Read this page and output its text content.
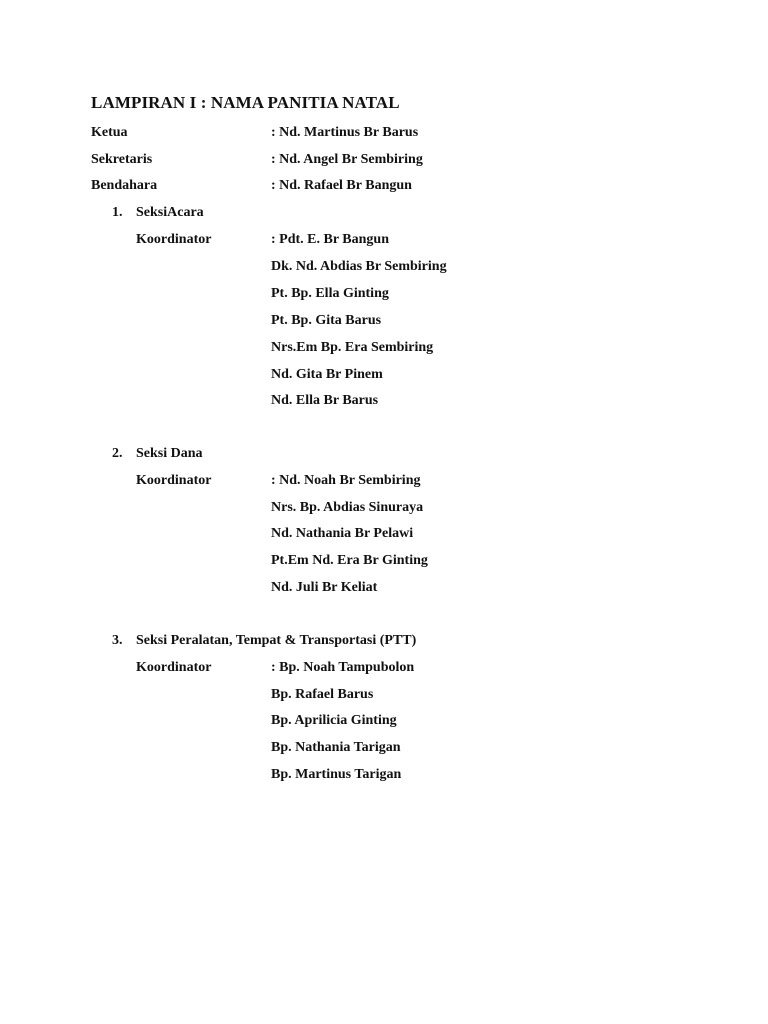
LAMPIRAN I : NAMA PANITIA NATAL
Ketua	: Nd. Martinus Br Barus
Sekretaris	: Nd. Angel Br Sembiring
Bendahara	: Nd. Rafael Br Bangun
1. SeksiAcara
Koordinator	: Pdt. E. Br Bangun
Dk. Nd. Abdias Br Sembiring
Pt. Bp. Ella Ginting
Pt. Bp. Gita Barus
Nrs.Em Bp. Era Sembiring
Nd. Gita Br Pinem
Nd. Ella Br Barus
2. Seksi Dana
Koordinator	: Nd. Noah Br Sembiring
Nrs. Bp. Abdias Sinuraya
Nd. Nathania Br Pelawi
Pt.Em Nd. Era Br Ginting
Nd. Juli Br Keliat
3. Seksi Peralatan, Tempat & Transportasi (PTT)
Koordinator	: Bp. Noah Tampubolon
Bp. Rafael Barus
Bp. Aprilicia Ginting
Bp. Nathania Tarigan
Bp. Martinus Tarigan
